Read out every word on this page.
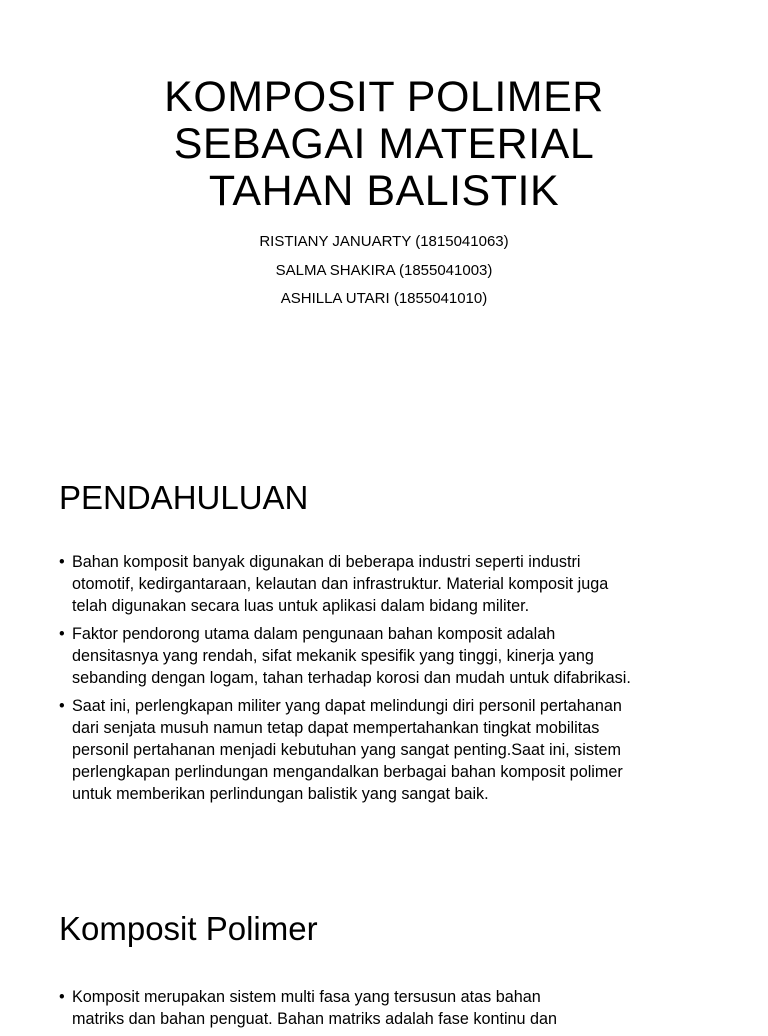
KOMPOSIT POLIMER
SEBAGAI MATERIAL
TAHAN BALISTIK
RISTIANY JANUARTY (1815041063)
SALMA SHAKIRA (1855041003)
ASHILLA UTARI (1855041010)
PENDAHULUAN
• Bahan komposit banyak digunakan di beberapa industri seperti industri
otomotif, kedirgantaraan, kelautan dan infrastruktur. Material komposit juga
telah digunakan secara luas untuk aplikasi dalam bidang militer.
• Faktor pendorong utama dalam pengunaan bahan komposit adalah
densitasnya yang rendah, sifat mekanik spesifik yang tinggi, kinerja yang
sebanding dengan logam, tahan terhadap korosi dan mudah untuk difabrikasi.
• Saat ini, perlengkapan militer yang dapat melindungi diri personil pertahanan
dari senjata musuh namun tetap dapat mempertahankan tingkat mobilitas
personil pertahanan menjadi kebutuhan yang sangat penting.Saat ini, sistem
perlengkapan perlindungan mengandalkan berbagai bahan komposit polimer
untuk memberikan perlindungan balistik yang sangat baik.
Komposit Polimer
• Komposit merupakan sistem multi fasa yang tersusun atas bahan
matriks dan bahan penguat. Bahan matriks adalah fase kontinu dan
